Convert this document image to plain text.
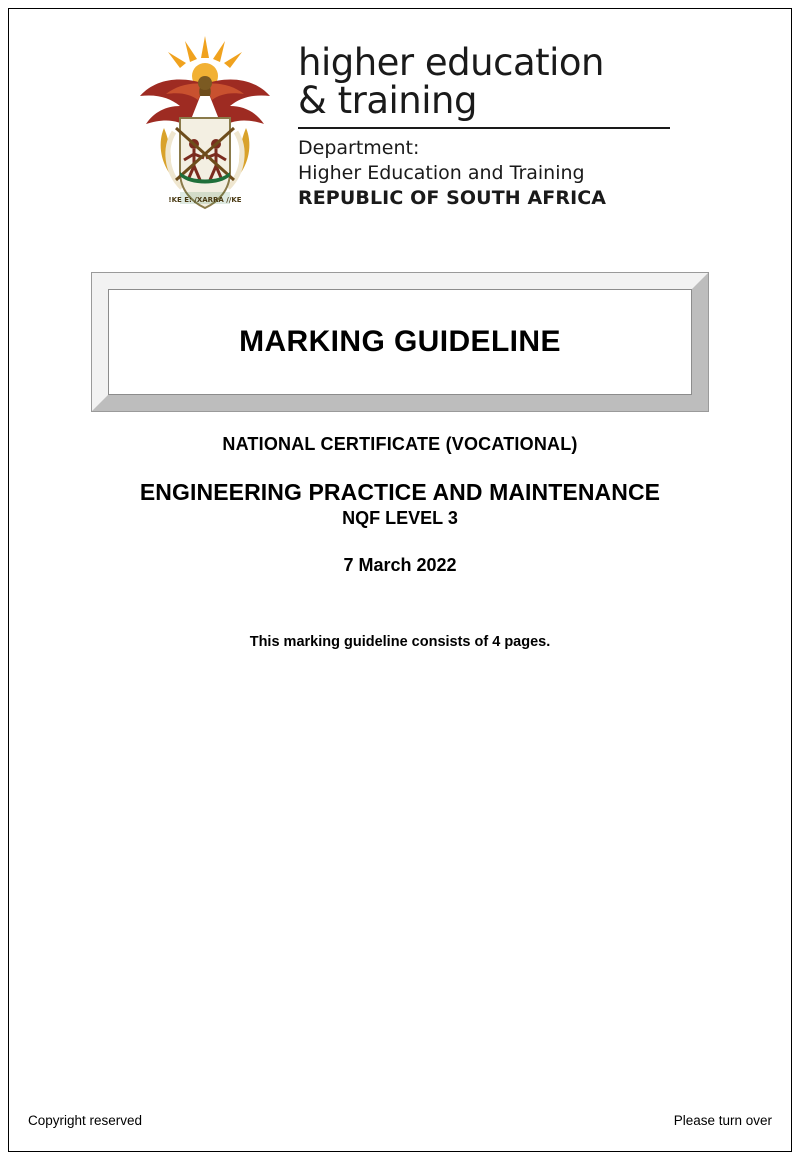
!KE E: /XARRA //KE
higher education
& training
Department:
Higher Education and Training
REPUBLIC OF SOUTH AFRICA
MARKING GUIDELINE
NATIONAL CERTIFICATE (VOCATIONAL)
ENGINEERING PRACTICE AND MAINTENANCE
NQF LEVEL 3
7 March 2022
This marking guideline consists of 4 pages.
Copyright reserved	Please turn over
